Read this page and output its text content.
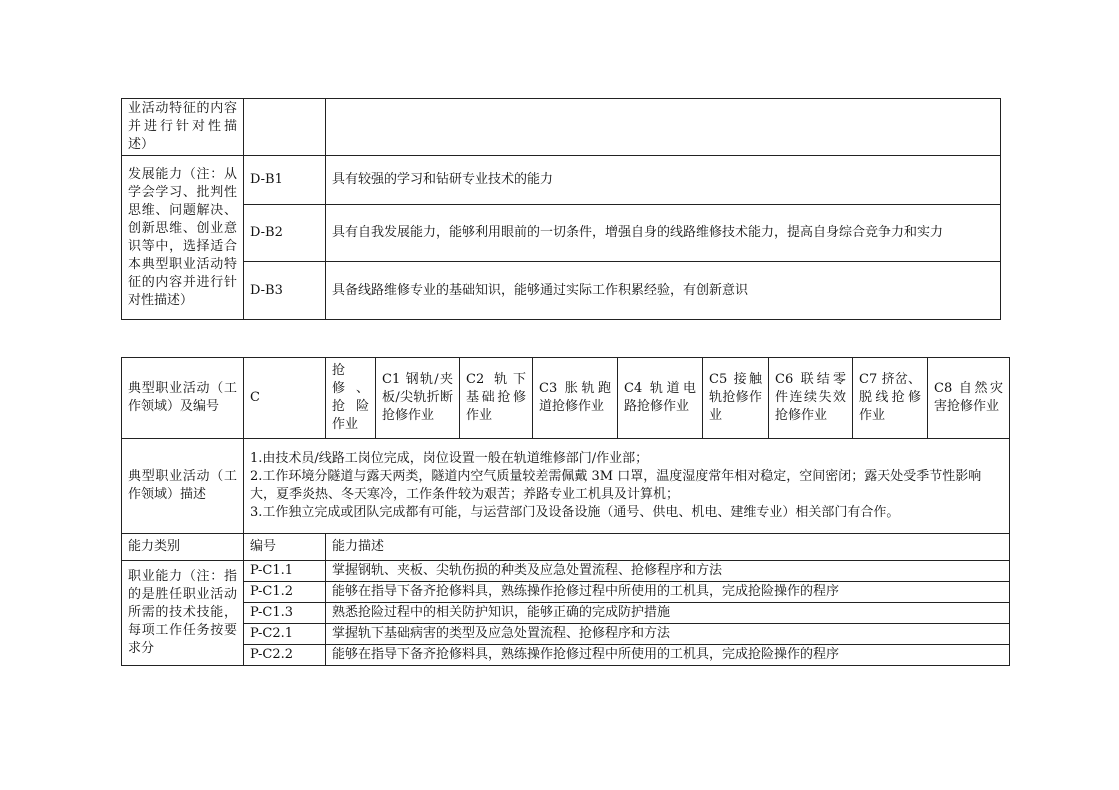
业活动特征的内容并进行针对性描述）		
发展能力（注：从学会学习、批判性思维、问题解决、创新思维、创业意识等中，选择适合本典型职业活动特征的内容并进行针对性描述）	D-B1	具有较强的学习和钻研专业技术的能力
	D-B2	具有自我发展能力，能够利用眼前的一切条件，增强自身的线路维修技术能力，提高自身综合竞争力和实力
	D-B3	具备线路维修专业的基础知识，能够通过实际工作积累经验，有创新意识
典型职业活动（工作领域）及编号	C	抢修、抢险作业	C1 钢轨/夹板/尖轨折断抢修作业	C2 轨下基础抢修作业	C3 胀轨跑道抢修作业	C4 轨道电路抢修作业	C5 接触轨抢修作业	C6 联结零件连续失效抢修作业	C7 挤岔、脱线抢修作业	C8 自然灾害抢修作业
典型职业活动（工作领域）描述	1.由技术员/线路工岗位完成，岗位设置一般在轨道维修部门/作业部；
2.工作环境分隧道与露天两类，隧道内空气质量较差需佩戴 3M 口罩，温度湿度常年相对稳定，空间密闭；露天处受季节性影响大，夏季炎热、冬天寒冷，工作条件较为艰苦；养路专业工机具及计算机；
3.工作独立完成或团队完成都有可能，与运营部门及设备设施（通号、供电、机电、建维专业）相关部门有合作。									

能力类别	编号	能力描述								
职业能力（注：指的是胜任职业活动所需的技术技能，每项工作任务按要求分	P-C1.1	掌握钢轨、夹板、尖轨伤损的种类及应急处置流程、抢修程序和方法								
	P-C1.2	能够在指导下备齐抢修料具，熟练操作抢修过程中所使用的工机具，完成抢险操作的程序								
	P-C1.3	熟悉抢险过程中的相关防护知识，能够正确的完成防护措施								
	P-C2.1	掌握轨下基础病害的类型及应急处置流程、抢修程序和方法								
	P-C2.2	能够在指导下备齐抢修料具，熟练操作抢修过程中所使用的工机具，完成抢险操作的程序								
